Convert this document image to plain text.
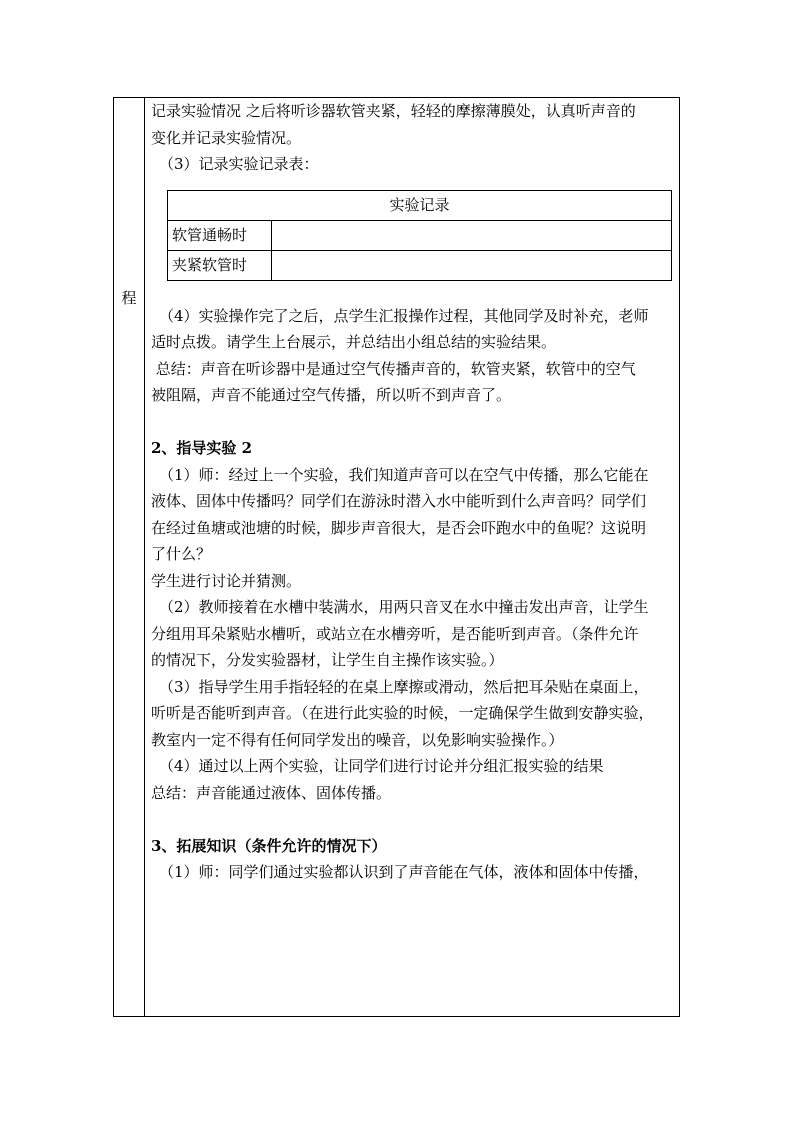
程

记录实验情况 之后将听诊器软管夹紧，轻轻的摩擦薄膜处，认真听声音的

变化并记录实验情况。

（3）记录实验记录表：

实验记录	
软管通畅时	
夹紧软管时	

（4）实验操作完了之后，点学生汇报操作过程，其他同学及时补充，老师

适时点拨。请学生上台展示，并总结出小组总结的实验结果。

总结：声音在听诊器中是通过空气传播声音的，软管夹紧，软管中的空气

被阻隔，声音不能通过空气传播，所以听不到声音了。

2、指导实验 2

（1）师：经过上一个实验，我们知道声音可以在空气中传播，那么它能在

液体、固体中传播吗？同学们在游泳时潜入水中能听到什么声音吗？同学们

在经过鱼塘或池塘的时候，脚步声音很大，是否会吓跑水中的鱼呢？这说明

了什么？

学生进行讨论并猜测。

（2）教师接着在水槽中装满水，用两只音叉在水中撞击发出声音，让学生

分组用耳朵紧贴水槽听，或站立在水槽旁听，是否能听到声音。（条件允许

的情况下，分发实验器材，让学生自主操作该实验。）

（3）指导学生用手指轻轻的在桌上摩擦或滑动，然后把耳朵贴在桌面上，

听听是否能听到声音。（在进行此实验的时候，一定确保学生做到安静实验，

教室内一定不得有任何同学发出的噪音，以免影响实验操作。）

（4）通过以上两个实验，让同学们进行讨论并分组汇报实验的结果

总结：声音能通过液体、固体传播。

3、拓展知识（条件允许的情况下）

（1）师：同学们通过实验都认识到了声音能在气体，液体和固体中传播，
